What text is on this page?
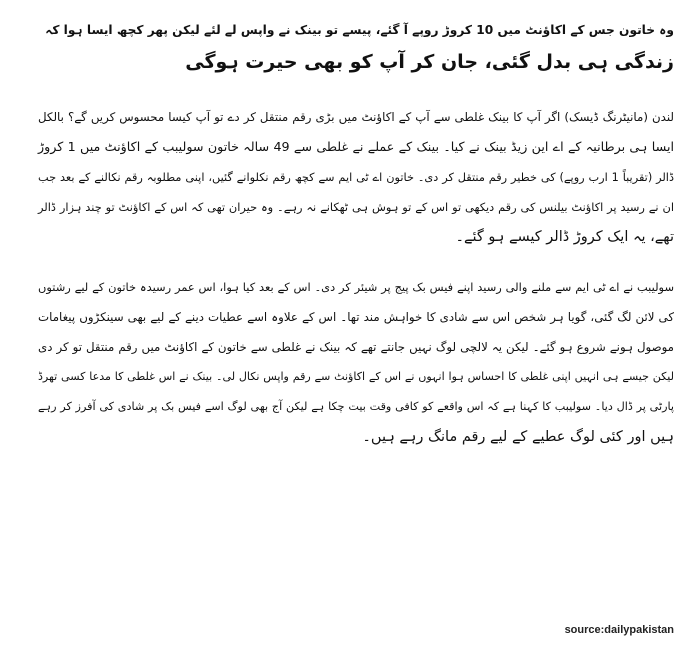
وہ خاتون جس کے اکاؤنٹ میں 10 کروڑ روپے آ گئے، پیسے تو بینک نے واپس لے لئے لیکن پھر کچھ ایسا ہوا کہ
زندگی ہی بدل گئی، جان کر آپ کو بھی حیرت ہوگی

لندن (مانیٹرنگ ڈیسک) اگر آپ کا بینک غلطی سے آپ کے اکاؤنٹ میں بڑی رقم منتقل کر دے تو آپ کیسا محسوس کریں گے؟ بالکل
ایسا ہی برطانیہ کے اے این زیڈ بینک نے کیا۔ بینک کے عملے نے غلطی سے 49 سالہ خاتون سولیبب کے اکاؤنٹ میں 1 کروڑ
ڈالر (تقریباً 1 ارب روپے) کی خطیر رقم منتقل کر دی۔ خاتون اے ٹی ایم سے کچھ رقم نکلوانے گئیں، اپنی مطلوبہ رقم نکالنے کے بعد جب
ان نے رسید پر اکاؤنٹ بیلنس کی رقم دیکھی تو اس کے تو ہوش ہی ٹھکانے نہ رہے۔ وہ حیران تھی کہ اس کے اکاؤنٹ تو چند ہزار ڈالر
تھے، یہ ایک کروڑ ڈالر کیسے ہو گئے۔

سولیبب نے اے ٹی ایم سے ملنے والی رسید اپنے فیس بک پیج پر شیئر کر دی۔ اس کے بعد کیا ہوا، اس عمر رسیدہ خاتون کے لیے رشتوں
کی لائن لگ گئی، گویا ہر شخص اس سے شادی کا خواہش مند تھا۔ اس کے علاوہ اسے عطیات دینے کے لیے بھی سینکڑوں پیغامات
موصول ہونے شروع ہو گئے۔ لیکن یہ لالچی لوگ نہیں جانتے تھے کہ بینک نے غلطی سے خاتون کے اکاؤنٹ میں رقم منتقل تو کر دی
لیکن جیسے ہی انہیں اپنی غلطی کا احساس ہوا انہوں نے اس کے اکاؤنٹ سے رقم واپس نکال لی۔ بینک نے اس غلطی کا مدعا کسی تھرڈ
پارٹی پر ڈال دیا۔ سولیبب کا کہنا ہے کہ اس واقعے کو کافی وقت بیت چکا ہے لیکن آج بھی لوگ اسے فیس بک پر شادی کی آفرز کر رہے
ہیں اور کئی لوگ عطیے کے لیے رقم مانگ رہے ہیں۔

source:dailypakistan
